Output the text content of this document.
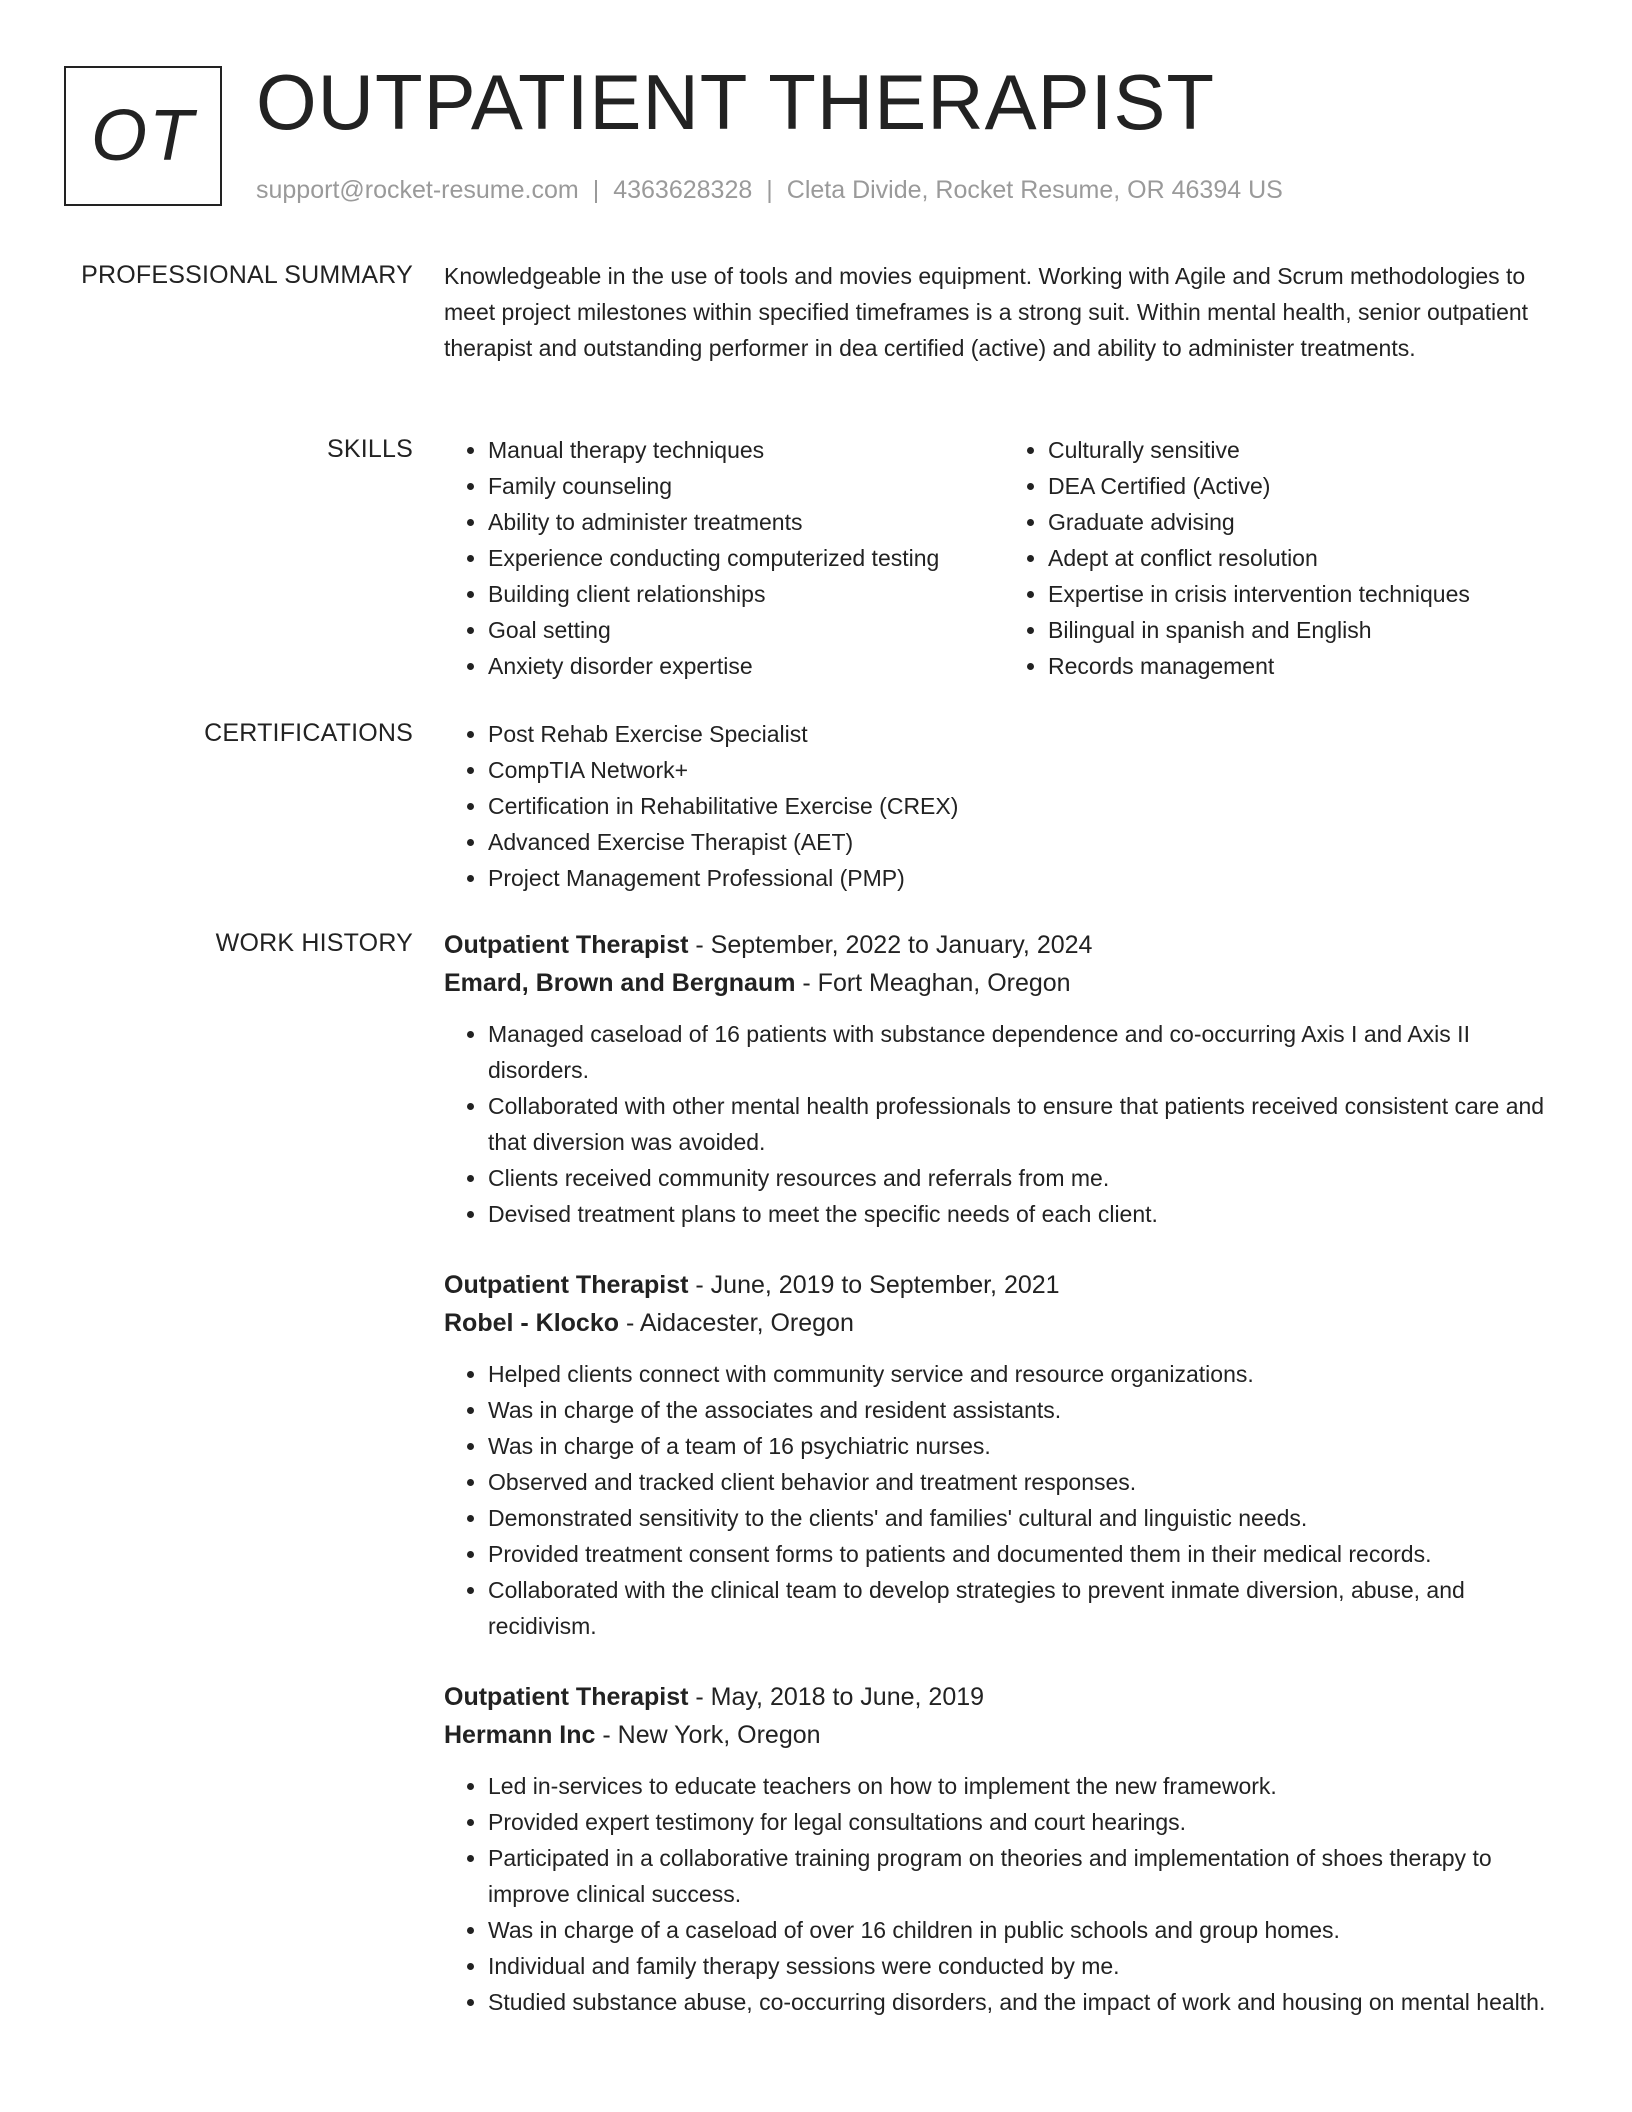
OT OUTPATIENT THERAPIST
support@rocket-resume.com | 4363628328 | Cleta Divide, Rocket Resume, OR 46394 US
PROFESSIONAL SUMMARY Knowledgeable in the use of tools and movies equipment. Working with Agile and Scrum methodologies to meet project milestones within specified timeframes is a strong suit. Within mental health, senior outpatient therapist and outstanding performer in dea certified (active) and ability to administer treatments.

SKILLS	• Manual therapy techniques
• Family counseling
• Ability to administer treatments
• Experience conducting computerized testing
• Building client relationships
• Goal setting
• Anxiety disorder expertise
• Culturally sensitive
• DEA Certified (Active)
• Graduate advising
• Adept at conflict resolution
• Expertise in crisis intervention techniques
• Bilingual in spanish and English
• Records management
CERTIFICATIONS	• Post Rehab Exercise Specialist
• CompTIA Network+
• Certification in Rehabilitative Exercise (CREX)
• Advanced Exercise Therapist (AET)
• Project Management Professional (PMP)
WORK HISTORY Outpatient Therapist - September, 2022 to January, 2024
Emard, Brown and Bergnaum - Fort Meaghan, Oregon
• Managed caseload of 16 patients with substance dependence and co-occurring Axis I and Axis II disorders.
• Collaborated with other mental health professionals to ensure that patients received consistent care and that diversion was avoided.
• Clients received community resources and referrals from me.
• Devised treatment plans to meet the specific needs of each client.
Outpatient Therapist - June, 2019 to September, 2021
Robel - Klocko - Aidacester, Oregon
• Helped clients connect with community service and resource organizations.
• Was in charge of the associates and resident assistants.
• Was in charge of a team of 16 psychiatric nurses.
• Observed and tracked client behavior and treatment responses.
• Demonstrated sensitivity to the clients' and families' cultural and linguistic needs.
• Provided treatment consent forms to patients and documented them in their medical records.
• Collaborated with the clinical team to develop strategies to prevent inmate diversion, abuse, and recidivism.
Outpatient Therapist - May, 2018 to June, 2019
Hermann Inc - New York, Oregon
• Led in-services to educate teachers on how to implement the new framework.
• Provided expert testimony for legal consultations and court hearings.
• Participated in a collaborative training program on theories and implementation of shoes therapy to improve clinical success.
• Was in charge of a caseload of over 16 children in public schools and group homes.
• Individual and family therapy sessions were conducted by me.
• Studied substance abuse, co-occurring disorders, and the impact of work and housing on mental health.
